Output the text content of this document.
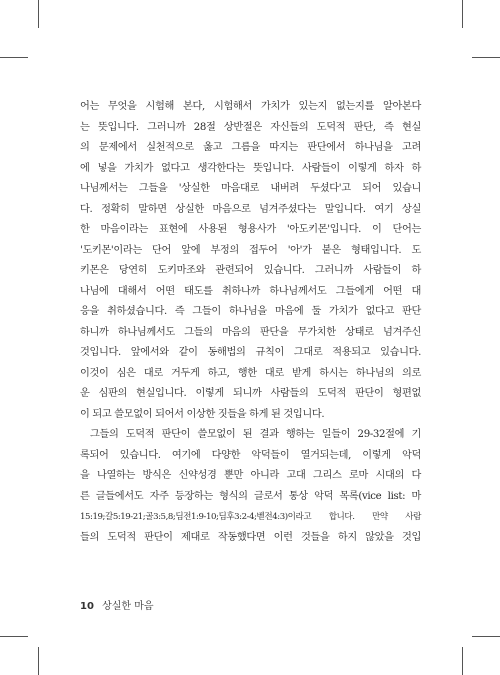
어는 무엇을 시험해 본다, 시험해서 가치가 있는지 없는지를 알아본다
는 뜻입니다. 그러니까 28절 상반절은 자신들의 도덕적 판단, 즉 현실
의 문제에서 실천적으로 옳고 그름을 따지는 판단에서 하나님을 고려
에 넣을 가치가 없다고 생각한다는 뜻입니다. 사람들이 이렇게 하자 하
나님께서는 그들을 '상실한 마음대로 내버려 두셨다'고 되어 있습니
다. 정확히 말하면 상실한 마음으로 넘겨주셨다는 말입니다. 여기 상실
한 마음이라는 표현에 사용된 형용사가 '아도키몬'입니다. 이 단어는
'도키몬'이라는 단어 앞에 부정의 접두어 '아'가 붙은 형태입니다. 도
키몬은 당연히 도키마조와 관련되어 있습니다. 그러니까 사람들이 하
나님에 대해서 어떤 태도를 취하나까 하나님께서도 그들에게 어떤 대
응을 취하셨습니다. 즉 그들이 하나님을 마음에 둘 가치가 없다고 판단
하니까 하나님께서도 그들의 마음의 판단을 무가치한 상태로 넘겨주신
것입니다. 앞에서와 같이 동해법의 규칙이 그대로 적용되고 있습니다.
이것이 심은 대로 거두게 하고, 행한 대로 받게 하시는 하나님의 의로
운 심판의 현실입니다. 이렇게 되니까 사람들의 도덕적 판단이 형편없
이 되고 쓸모없이 되어서 이상한 짓들을 하게 된 것입니다.
그들의 도덕적 판단이 쓸모없이 된 결과 행하는 일들이 29-32절에 기
록되어 있습니다. 여기에 다양한 악덕들이 열거되는데, 이렇게 악덕
을 나열하는 방식은 신약성경 뿐만 아니라 고대 그리스 로마 시대의 다
른 글들에서도 자주 등장하는 형식의 글로서 통상 악덕 목록(vice list: 마
15:19;갈5:19-21;골3:5,8;딤전1:9-10;딤후3:2-4;벧전4:3)이라고 합니다. 만약 사람
들의 도덕적 판단이 제대로 작동했다면 이런 것들을 하지 않았을 것입
10 상실한 마음
